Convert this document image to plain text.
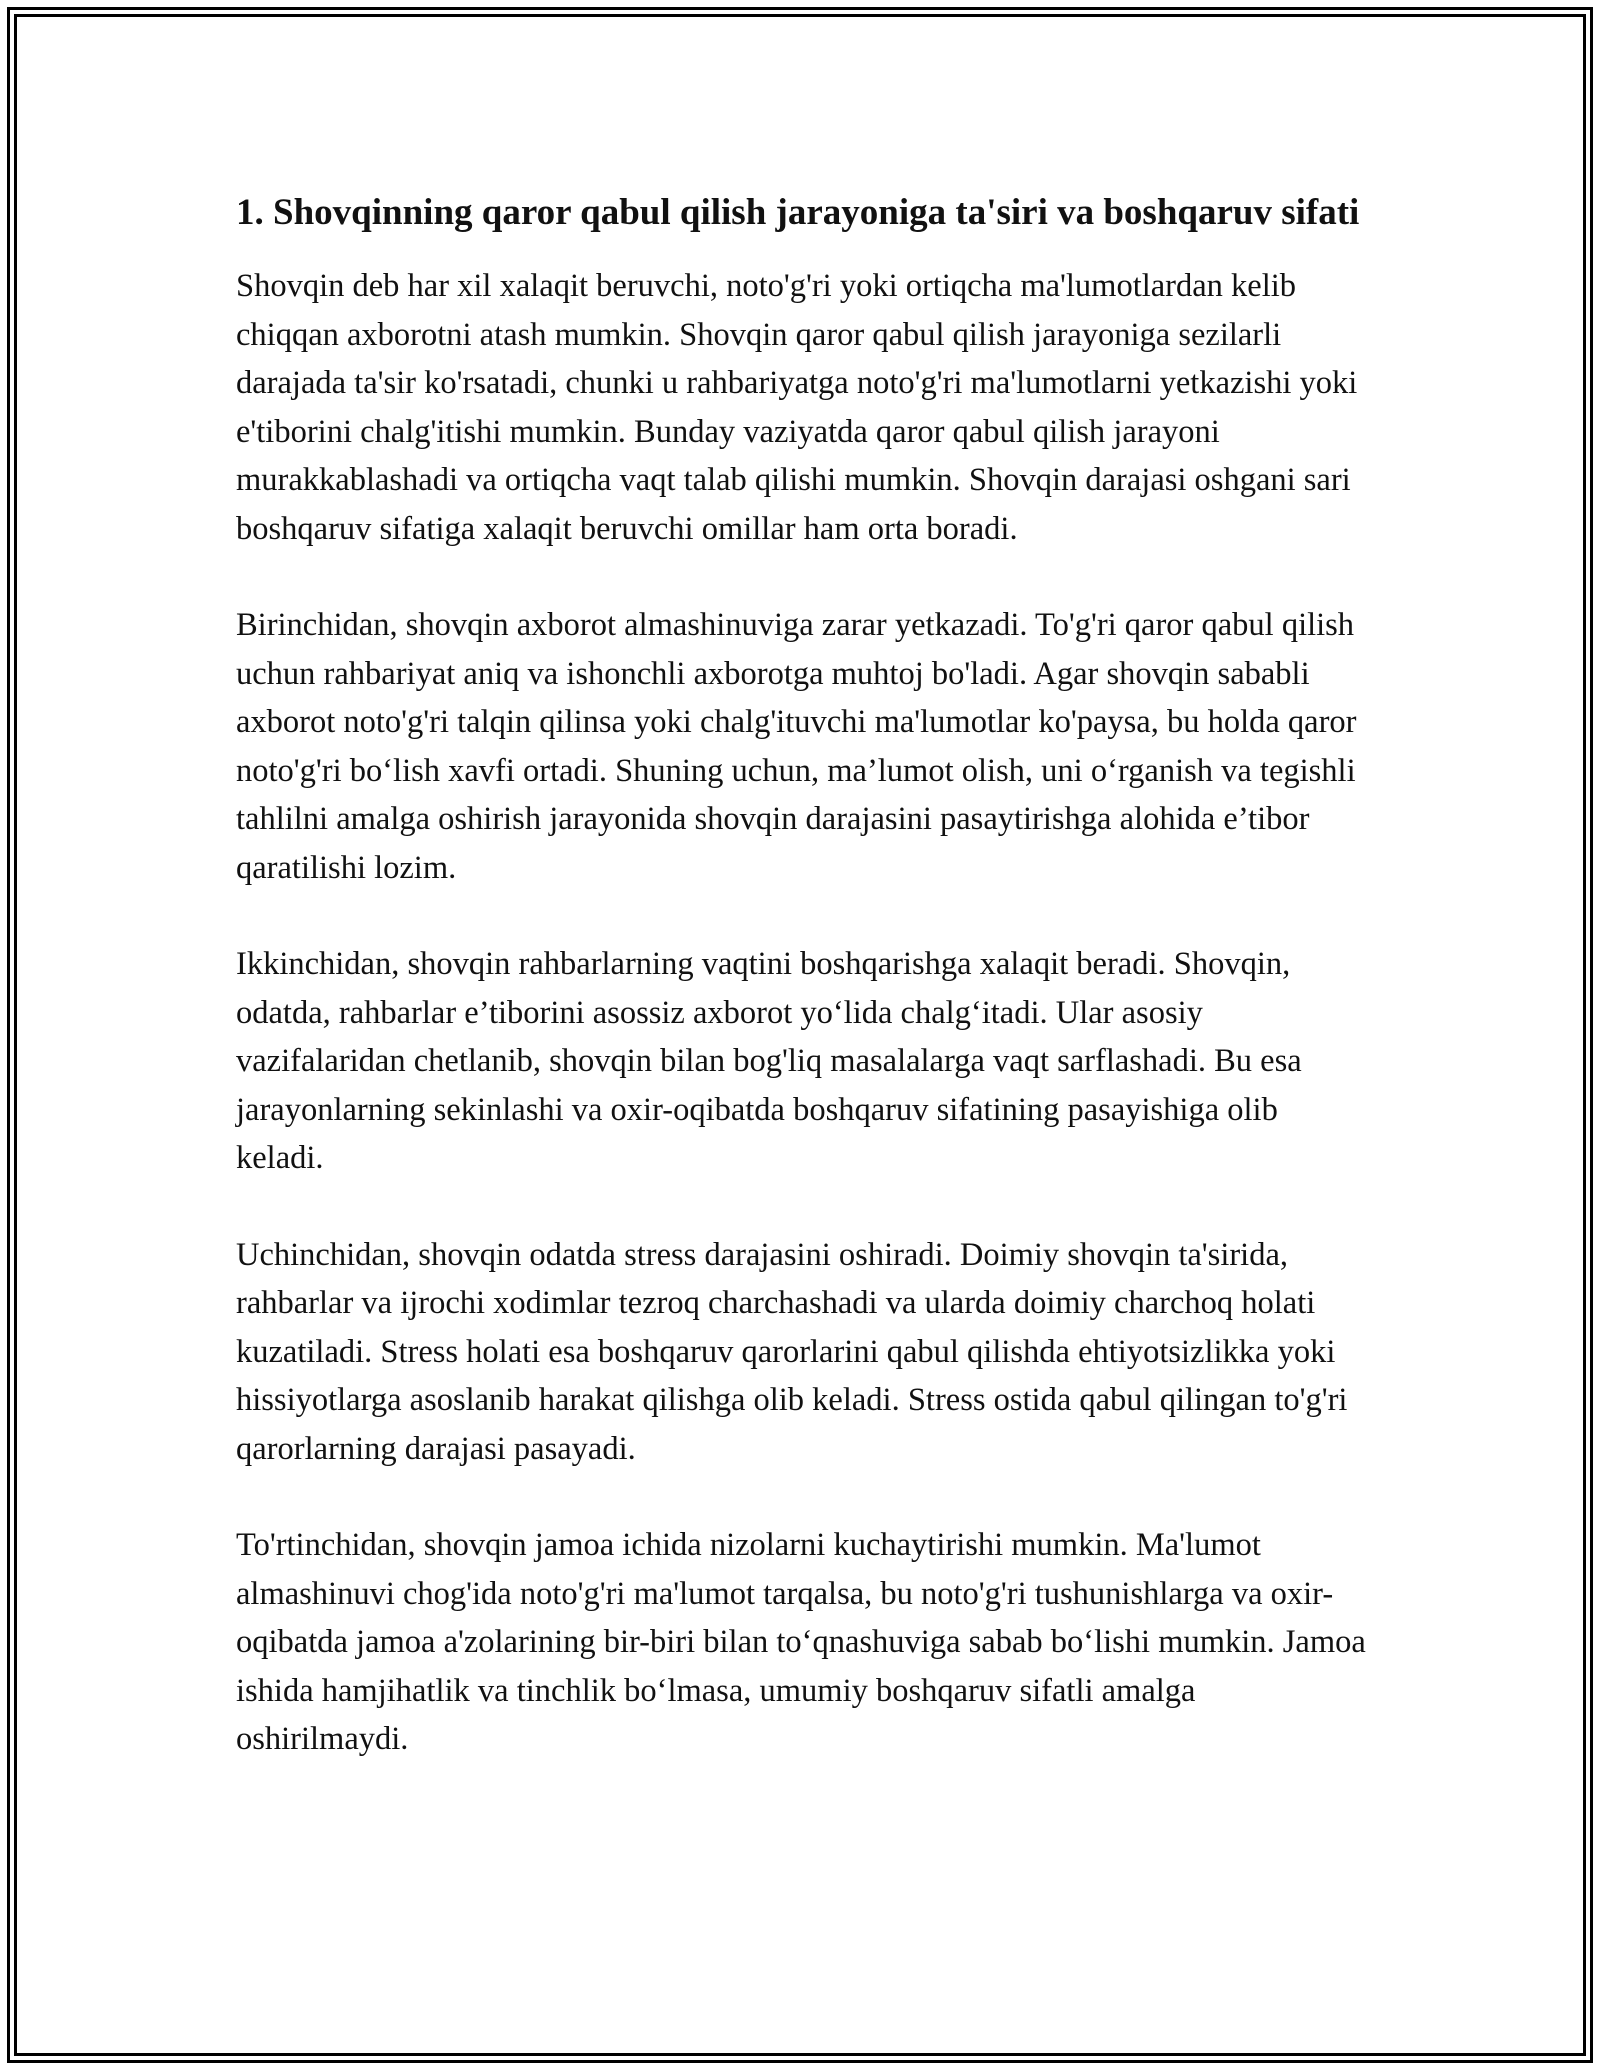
1. Shovqinning qaror qabul qilish jarayoniga ta'siri va boshqaruv sifati

Shovqin deb har xil xalaqit beruvchi, noto'g'ri yoki ortiqcha ma'lumotlardan kelib chiqqan axborotni atash mumkin. Shovqin qaror qabul qilish jarayoniga sezilarli darajada ta'sir ko'rsatadi, chunki u rahbariyatga noto'g'ri ma'lumotlarni yetkazishi yoki e'tiborini chalg'itishi mumkin. Bunday vaziyatda qaror qabul qilish jarayoni murakkablashadi va ortiqcha vaqt talab qilishi mumkin. Shovqin darajasi oshgani sari boshqaruv sifatiga xalaqit beruvchi omillar ham orta boradi.

Birinchidan, shovqin axborot almashinuviga zarar yetkazadi. To'g'ri qaror qabul qilish uchun rahbariyat aniq va ishonchli axborotga muhtoj bo'ladi. Agar shovqin sababli axborot noto'g'ri talqin qilinsa yoki chalg'ituvchi ma'lumotlar ko'paysa, bu holda qaror noto'g'ri bo‘lish xavfi ortadi. Shuning uchun, ma’lumot olish, uni o‘rganish va tegishli tahlilni amalga oshirish jarayonida shovqin darajasini pasaytirishga alohida e’tibor qaratilishi lozim.

Ikkinchidan, shovqin rahbarlarning vaqtini boshqarishga xalaqit beradi. Shovqin, odatda, rahbarlar e’tiborini asossiz axborot yo‘lida chalg‘itadi. Ular asosiy vazifalaridan chetlanib, shovqin bilan bog'liq masalalarga vaqt sarflashadi. Bu esa jarayonlarning sekinlashi va oxir-oqibatda boshqaruv sifatining pasayishiga olib keladi.

Uchinchidan, shovqin odatda stress darajasini oshiradi. Doimiy shovqin ta'sirida, rahbarlar va ijrochi xodimlar tezroq charchashadi va ularda doimiy charchoq holati kuzatiladi. Stress holati esa boshqaruv qarorlarini qabul qilishda ehtiyotsizlikka yoki hissiyotlarga asoslanib harakat qilishga olib keladi. Stress ostida qabul qilingan to'g'ri qarorlarning darajasi pasayadi.

To'rtinchidan, shovqin jamoa ichida nizolarni kuchaytirishi mumkin. Ma'lumot almashinuvi chog'ida noto'g'ri ma'lumot tarqalsa, bu noto'g'ri tushunishlarga va oxir-oqibatda jamoa a'zolarining bir-biri bilan to‘qnashuviga sabab bo‘lishi mumkin. Jamoa ishida hamjihatlik va tinchlik bo‘lmasa, umumiy boshqaruv sifatli amalga oshirilmaydi.
